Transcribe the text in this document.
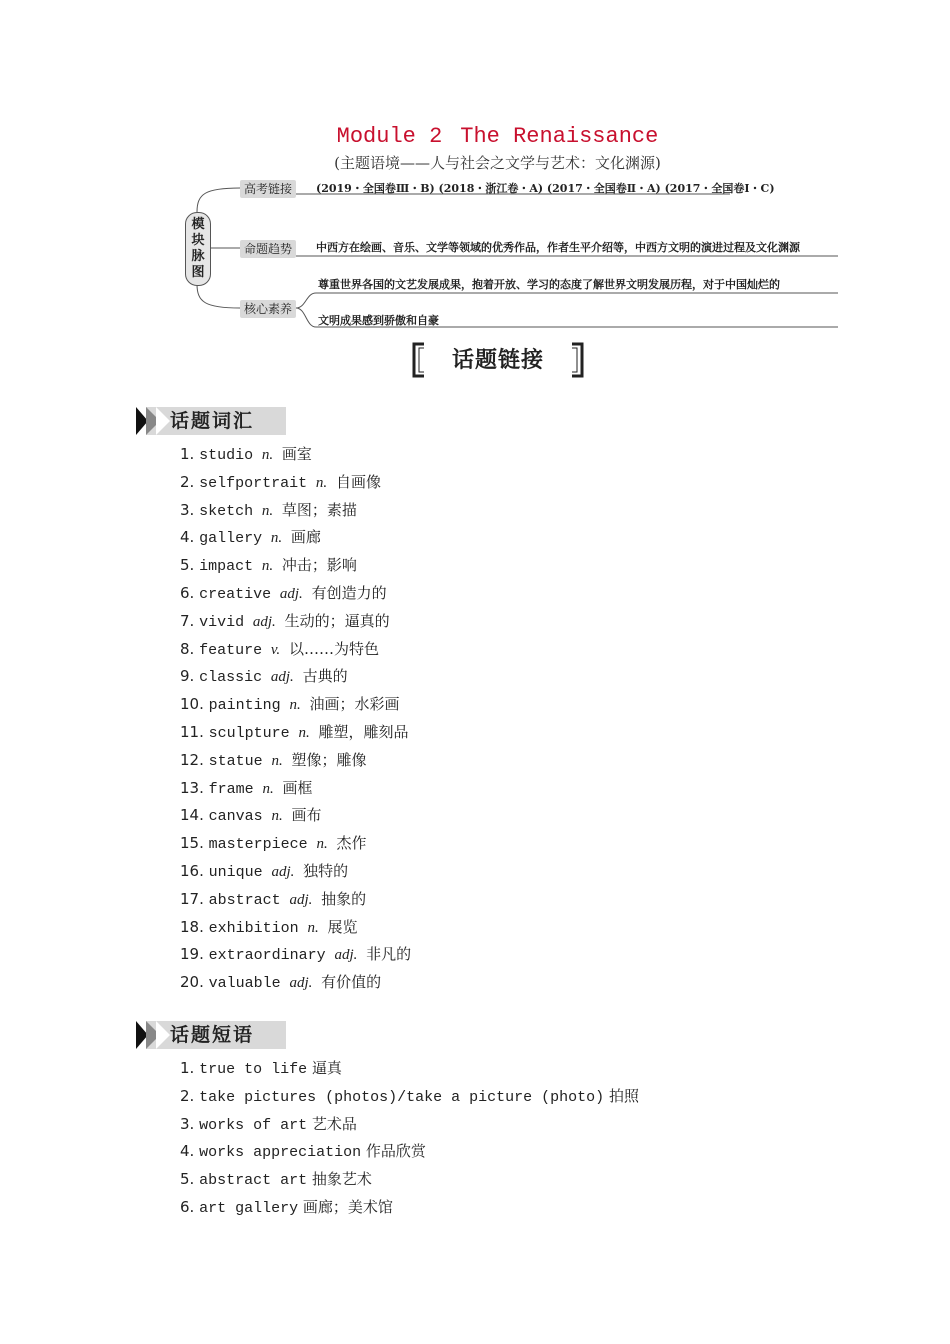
Module 2 The Renaissance
(主题语境——人与社会之文学与艺术：文化渊源)
模
块
脉
图
高考链接	(2019・全国卷Ⅲ・B) (2018・浙江卷・A) (2017・全国卷Ⅱ・A) (2017・全国卷Ⅰ・C)
命题趋势	中西方在绘画、音乐、文学等领域的优秀作品，作者生平介绍等，中西方文明的演进过程及文化渊源
核心素养
尊重世界各国的文艺发展成果，抱着开放、学习的态度了解世界文明发展历程，对于中国灿烂的
文明成果感到骄傲和自豪
话题链接
话题词汇
1. studio n. 画室
2. selfportrait n. 自画像
3. sketch n. 草图；素描
4. gallery n. 画廊
5. impact n. 冲击；影响
6. creative adj. 有创造力的
7. vivid adj. 生动的；逼真的
8. feature v. 以……为特色
9. classic adj. 古典的
10. painting n. 油画；水彩画
11. sculpture n. 雕塑，雕刻品
12. statue n. 塑像；雕像
13. frame n. 画框
14. canvas n. 画布
15. masterpiece n. 杰作
16. unique adj. 独特的
17. abstract adj. 抽象的
18. exhibition n. 展览
19. extraordinary adj. 非凡的
20. valuable adj. 有价值的
话题短语
1. true to life 逼真
2. take pictures (photos)/take a picture (photo) 拍照
3. works of art 艺术品
4. works appreciation 作品欣赏
5. abstract art 抽象艺术
6. art gallery 画廊；美术馆
